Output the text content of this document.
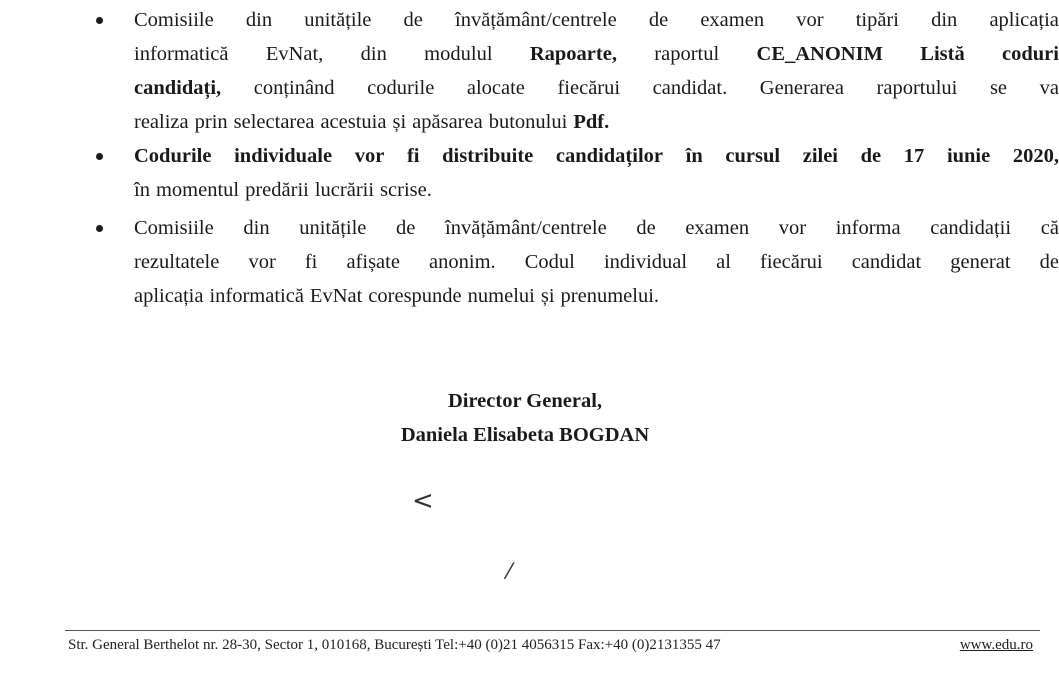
Comisiile din unitățile de învățământ/centrele de examen vor tipări din aplicația
informatică EvNat, din modulul Rapoarte, raportul CE_ANONIM Listă coduri
candidați, conținând codurile alocate fiecărui candidat. Generarea raportului se va
realiza prin selectarea acestuia și apăsarea butonului Pdf.
Codurile individuale vor fi distribuite candidaților în cursul zilei de 17 iunie 2020,
în momentul predării lucrării scrise.
Comisiile din unitățile de învățământ/centrele de examen vor informa candidații că
rezultatele vor fi afișate anonim. Codul individual al fiecărui candidat generat de
aplicația informatică EvNat corespunde numelui și prenumelui.
Director General,
Daniela Elisabeta BOGDAN
<
/
Str. General Berthelot nr. 28-30, Sector 1, 010168, București Tel:+40 (0)21 4056315 Fax:+40 (0)2131355 47	www.edu.ro
